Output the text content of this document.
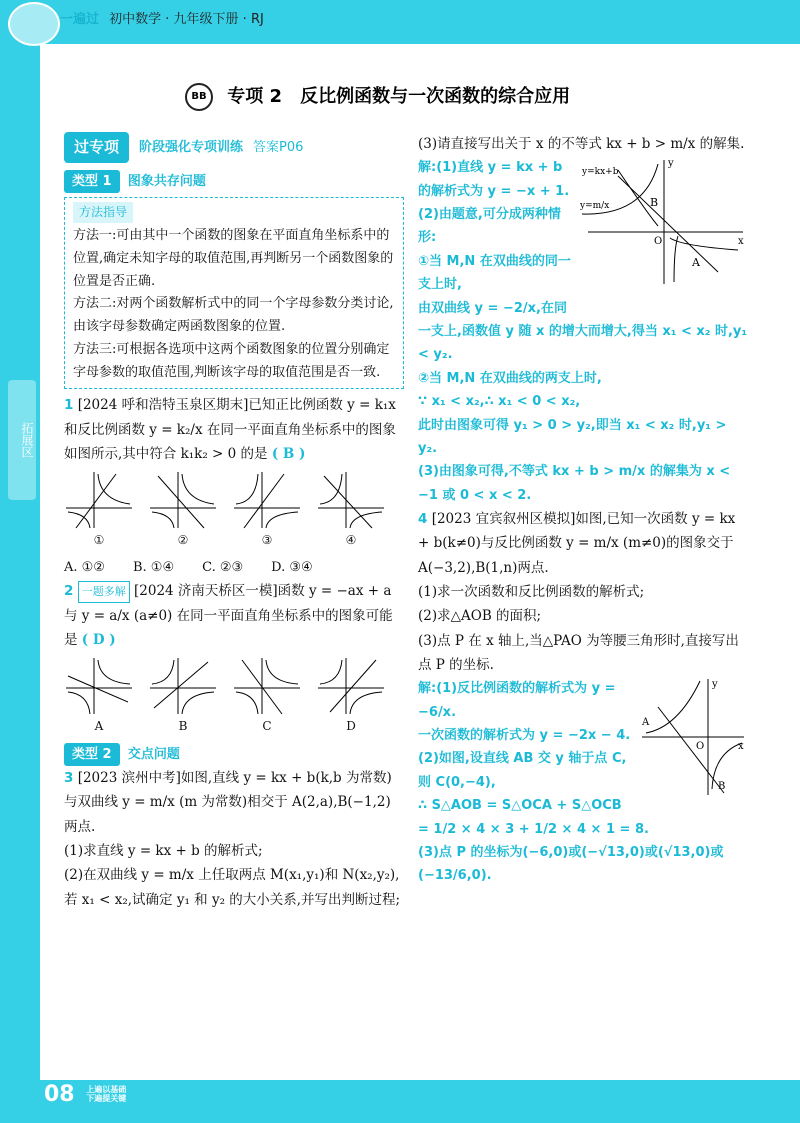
一遍过 初中数学 · 九年级下册 · RJ
BB 专项 2　反比例函数与一次函数的综合应用
拓展区
过专项	阶段强化专项训练 答案P06
类型 1 图象共存问题
方法指导
方法一:可由其中一个函数的图象在平面直角坐标系中的位置,确定未知字母的取值范围,再判断另一个函数图象的位置是否正确.
方法二:对两个函数解析式中的同一个字母参数分类讨论,由该字母参数确定两函数图象的位置.
方法三:可根据各选项中这两个函数图象的位置分别确定字母参数的取值范围,判断该字母的取值范围是否一致.
1 [2024 呼和浩特玉泉区期末]已知正比例函数 y = k₁x 和反比例函数 y = k₂/x 在同一平面直角坐标系中的图象如图所示,其中符合 k₁k₂ > 0 的是 ( B )
①	②	③	④
A. ①② B. ①④ C. ②③ D. ③④
2 一题多解 [2024 济南天桥区一模]函数 y = −ax + a 与 y = a/x (a≠0) 在同一平面直角坐标系中的图象可能是 ( D )
A	B	C	D
类型 2 交点问题
3 [2023 滨州中考]如图,直线 y = kx + b(k,b 为常数)与双曲线 y = m/x (m 为常数)相交于 A(2,a),B(−1,2)两点.
(1)求直线 y = kx + b 的解析式;
(2)在双曲线 y = m/x 上任取两点 M(x₁,y₁)和 N(x₂,y₂),若 x₁ < x₂,试确定 y₁ 和 y₂ 的大小关系,并写出判断过程;
(3)请直接写出关于 x 的不等式 kx + b > m/x 的解集.
y=kx+b
y=m/x	B
A
O	x
y
解:(1)直线 y = kx + b 的解析式为 y = −x + 1.
(2)由题意,可分成两种情形:
①当 M,N 在双曲线的同一支上时,
由双曲线 y = −2/x,在同一支上,函数值 y 随 x 的增大而增大,得当 x₁ < x₂ 时,y₁ < y₂.
②当 M,N 在双曲线的两支上时,
∵ x₁ < x₂,∴ x₁ < 0 < x₂,
此时由图象可得 y₁ > 0 > y₂,即当 x₁ < x₂ 时,y₁ > y₂.
(3)由图象可得,不等式 kx + b > m/x 的解集为 x < −1 或 0 < x < 2.
4 [2023 宜宾叙州区模拟]如图,已知一次函数 y = kx + b(k≠0)与反比例函数 y = m/x (m≠0)的图象交于 A(−3,2),B(1,n)两点.
(1)求一次函数和反比例函数的解析式;
(2)求△AOB 的面积;
(3)点 P 在 x 轴上,当△PAO 为等腰三角形时,直接写出点 P 的坐标.
A
B
O	x
y
解:(1)反比例函数的解析式为 y = −6/x.
一次函数的解析式为 y = −2x − 4.
(2)如图,设直线 AB 交 y 轴于点 C,则 C(0,−4),
∴ S△AOB = S△OCA + S△OCB = 1/2 × 4 × 3 + 1/2 × 4 × 1 = 8.
(3)点 P 的坐标为(−6,0)或(−√13,0)或(√13,0)或(−13/6,0).
08 上遍以基础
下遍提关键
